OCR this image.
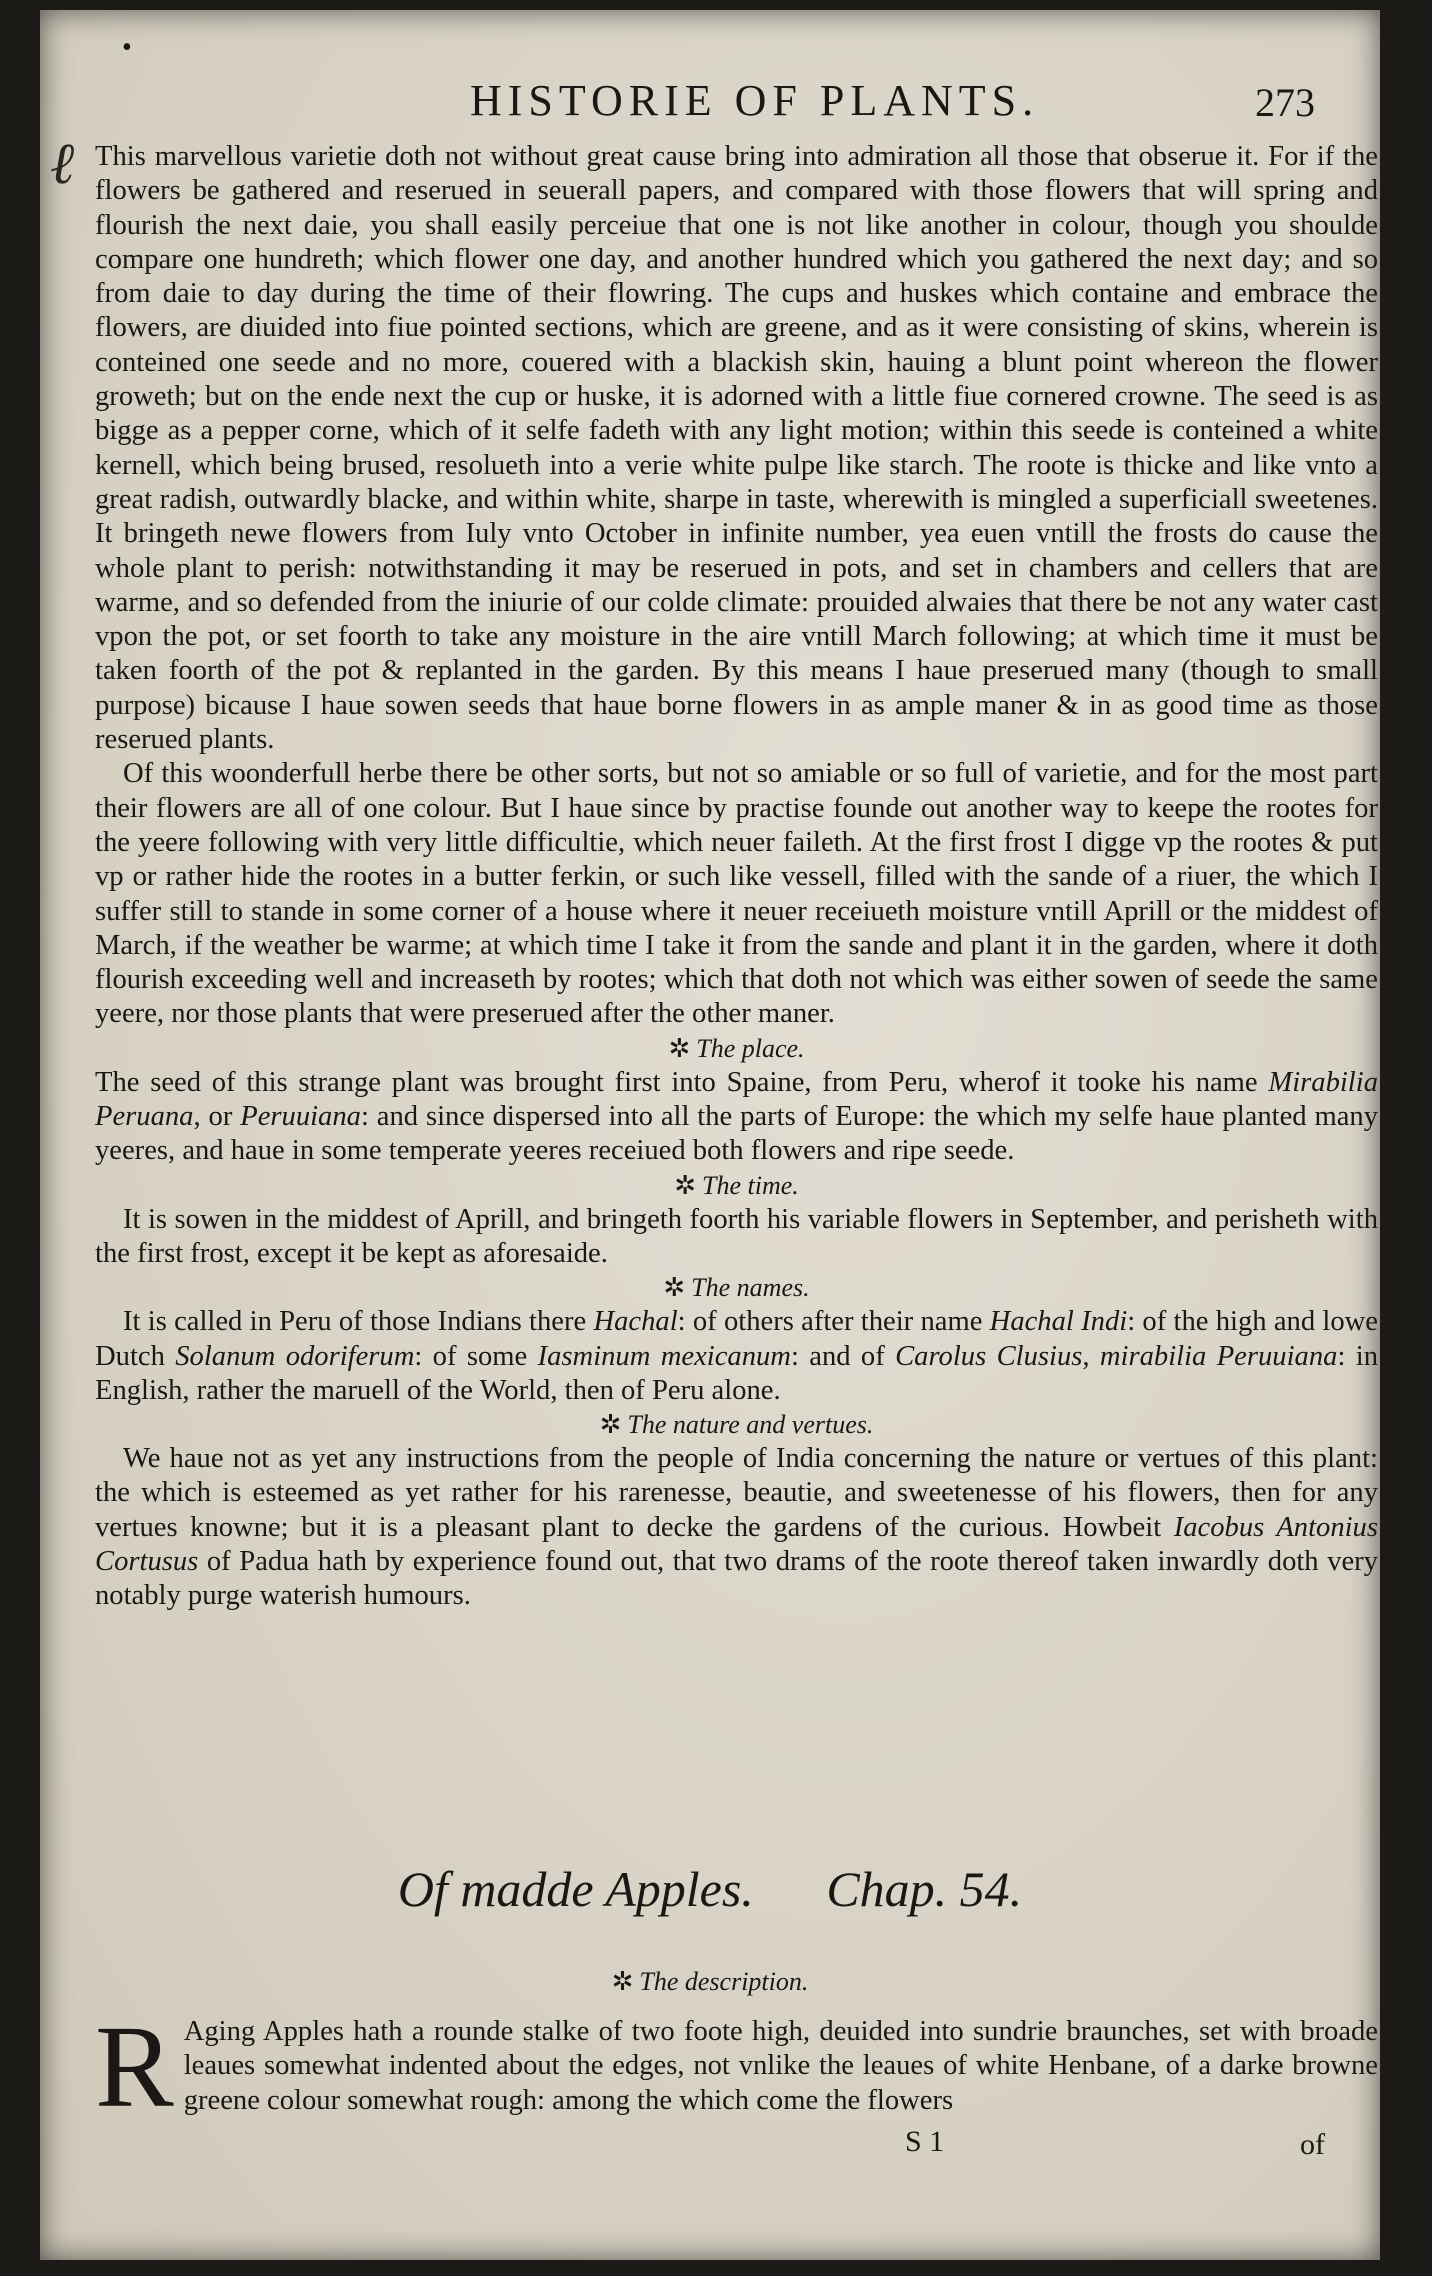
•
ℓ
HISTORIE OF PLANTS.	273

This marvellous varietie doth not without great cause bring into admiration all those that obserue it. For if the flowers be gathered and reserued in seuerall papers, and compared with those flowers that will spring and flourish the next daie, you shall easily perceiue that one is not like another in colour, though you shoulde compare one hundreth; which flower one day, and another hundred which you gathered the next day; and so from daie to day during the time of their flowring. The cups and huskes which containe and embrace the flowers, are diuided into fiue pointed sections, which are greene, and as it were consisting of skins, wherein is conteined one seede and no more, couered with a blackish skin, hauing a blunt point whereon the flower groweth; but on the ende next the cup or huske, it is adorned with a little fiue cornered crowne. The seed is as bigge as a pepper corne, which of it selfe fadeth with any light motion; within this seede is conteined a white kernell, which being brused, resolueth into a verie white pulpe like starch. The roote is thicke and like vnto a great radish, outwardly blacke, and within white, sharpe in taste, wherewith is mingled a superficiall sweetenes. It bringeth newe flowers from Iuly vnto October in infinite number, yea euen vntill the frosts do cause the whole plant to perish: notwithstanding it may be reserued in pots, and set in chambers and cellers that are warme, and so defended from the iniurie of our colde climate: prouided alwaies that there be not any water cast vpon the pot, or set foorth to take any moisture in the aire vntill March following; at which time it must be taken foorth of the pot & replanted in the garden. By this means I haue preserued many (though to small purpose) bicause I haue sowen seeds that haue borne flowers in as ample maner & in as good time as those reserued plants.

Of this woonderfull herbe there be other sorts, but not so amiable or so full of varietie, and for the most part their flowers are all of one colour. But I haue since by practise founde out another way to keepe the rootes for the yeere following with very little difficultie, which neuer faileth. At the first frost I digge vp the rootes & put vp or rather hide the rootes in a butter ferkin, or such like vessell, filled with the sande of a riuer, the which I suffer still to stande in some corner of a house where it neuer receiueth moisture vntill Aprill or the middest of March, if the weather be warme; at which time I take it from the sande and plant it in the garden, where it doth flourish exceeding well and increaseth by rootes; which that doth not which was either sowen of seede the same yeere, nor those plants that were preserued after the other maner.

✲ The place.

The seed of this strange plant was brought first into Spaine, from Peru, wherof it tooke his name Mirabilia Peruana, or Peruuiana: and since dispersed into all the parts of Europe: the which my selfe haue planted many yeeres, and haue in some temperate yeeres receiued both flowers and ripe seede.

✲ The time.

It is sowen in the middest of Aprill, and bringeth foorth his variable flowers in September, and perisheth with the first frost, except it be kept as aforesaide.

✲ The names.

It is called in Peru of those Indians there Hachal: of others after their name Hachal Indi: of the high and lowe Dutch Solanum odoriferum: of some Iasminum mexicanum: and of Carolus Clusius, mirabilia Peruuiana: in English, rather the maruell of the World, then of Peru alone.

✲ The nature and vertues.

We haue not as yet any instructions from the people of India concerning the nature or vertues of this plant: the which is esteemed as yet rather for his rarenesse, beautie, and sweetenesse of his flowers, then for any vertues knowne; but it is a pleasant plant to decke the gardens of the curious. Howbeit Iacobus Antonius Cortusus of Padua hath by experience found out, that two drams of the roote thereof taken inwardly doth very notably purge waterish humours.

Of madde Apples. Chap. 54.
✲ The description.
R Aging Apples hath a rounde stalke of two foote high, deuided into sundrie braunches, set with broade leaues somewhat indented about the edges, not vnlike the leaues of white Henbane, of a darke browne greene colour somewhat rough: among the which come the flowers
S 1	of
